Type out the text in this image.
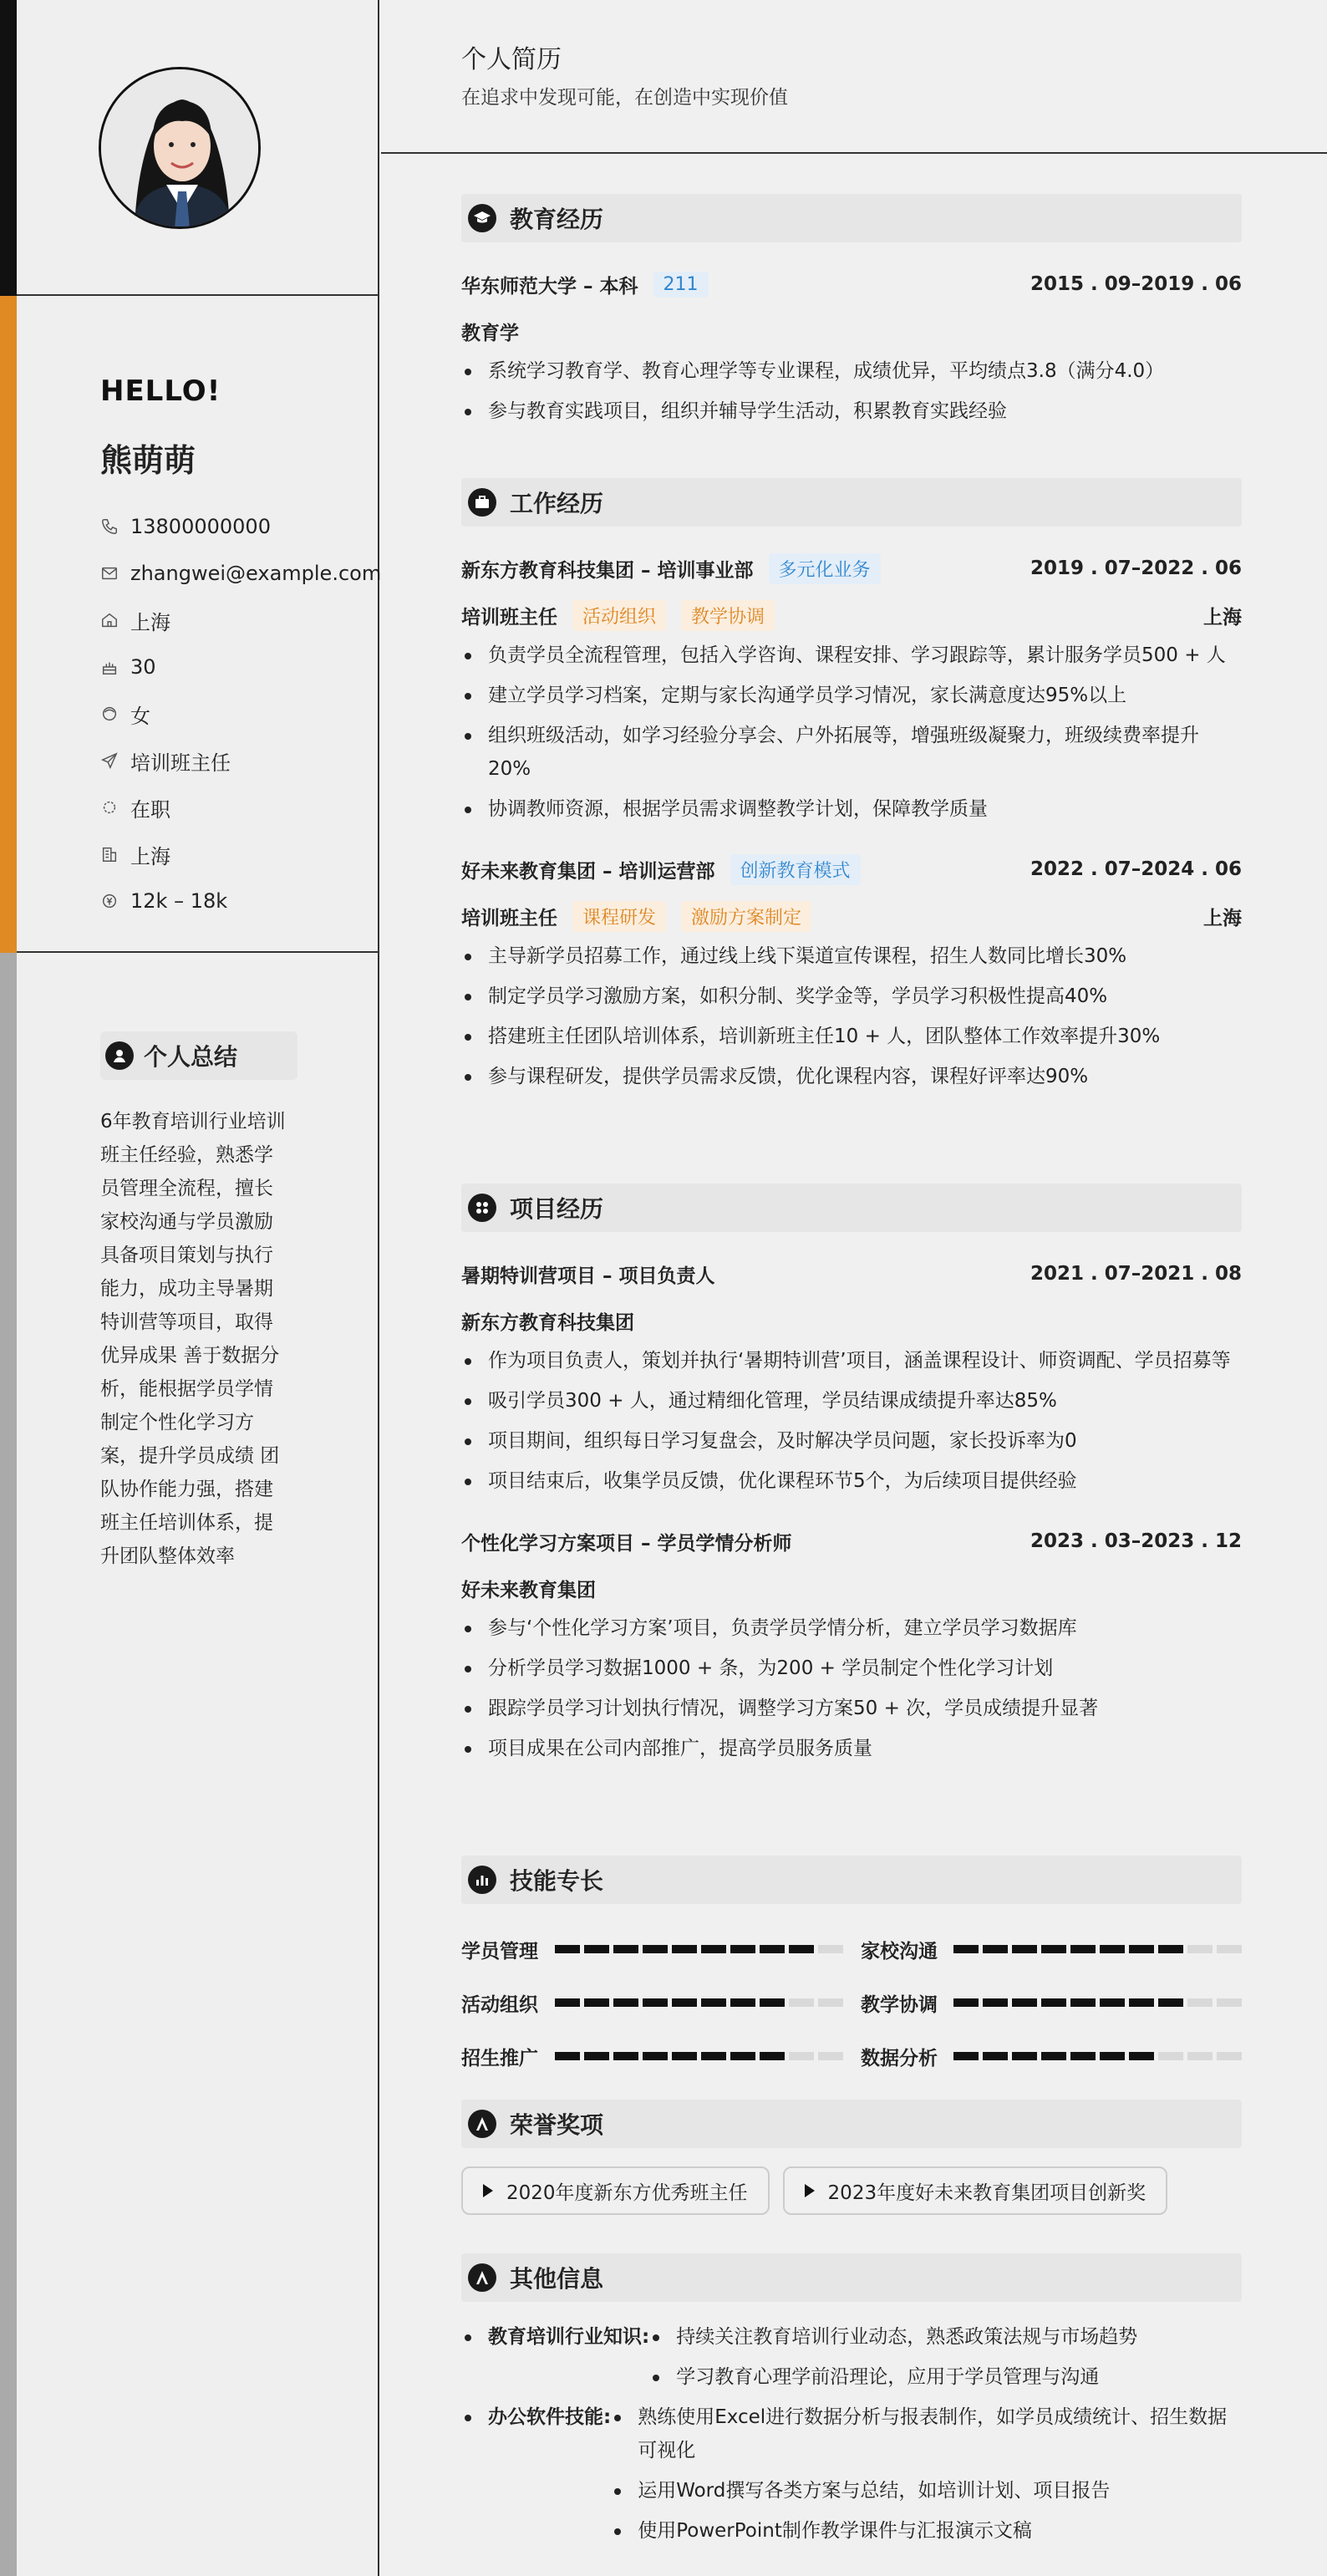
HELLO!
熊萌萌
13800000000
zhangwei@example.com
上海
30
女
培训班主任
在职
上海
12k – 18k
个人总结
6年教育培训行业培训
班主任经验，熟悉学
员管理全流程，擅长
家校沟通与学员激励
具备项目策划与执行
能力，成功主导暑期
特训营等项目，取得
优异成果 善于数据分
析，能根据学员学情
制定个性化学习方
案，提升学员成绩 团
队协作能力强，搭建
班主任培训体系，提
升团队整体效率
个人简历
在追求中发现可能，在创造中实现价值
教育经历
华东师范大学 – 本科	211	2015 . 09–2019 . 06
教育学
系统学习教育学、教育心理学等专业课程，成绩优异，平均绩点3.8（满分4.0）
参与教育实践项目，组织并辅导学生活动，积累教育实践经验
工作经历
新东方教育科技集团 – 培训事业部	多元化业务	2019 . 07–2022 . 06
培训班主任	活动组织	教学协调	上海
负责学员全流程管理，包括入学咨询、课程安排、学习跟踪等，累计服务学员500 + 人
建立学员学习档案，定期与家长沟通学员学习情况，家长满意度达95%以上
组织班级活动，如学习经验分享会、户外拓展等，增强班级凝聚力，班级续费率提升20%
协调教师资源，根据学员需求调整教学计划，保障教学质量
好未来教育集团 – 培训运营部	创新教育模式	2022 . 07–2024 . 06
培训班主任	课程研发	激励方案制定	上海
主导新学员招募工作，通过线上线下渠道宣传课程，招生人数同比增长30%
制定学员学习激励方案，如积分制、奖学金等，学员学习积极性提高40%
搭建班主任团队培训体系，培训新班主任10 + 人，团队整体工作效率提升30%
参与课程研发，提供学员需求反馈，优化课程内容，课程好评率达90%
项目经历
暑期特训营项目 – 项目负责人	2021 . 07–2021 . 08
新东方教育科技集团
作为项目负责人，策划并执行‘暑期特训营’项目，涵盖课程设计、师资调配、学员招募等
吸引学员300 + 人，通过精细化管理，学员结课成绩提升率达85%
项目期间，组织每日学习复盘会，及时解决学员问题，家长投诉率为0
项目结束后，收集学员反馈，优化课程环节5个，为后续项目提供经验
个性化学习方案项目 – 学员学情分析师	2023 . 03–2023 . 12
好未来教育集团
参与‘个性化学习方案’项目，负责学员学情分析，建立学员学习数据库
分析学员学习数据1000 + 条，为200 + 学员制定个性化学习计划
跟踪学员学习计划执行情况，调整学习方案50 + 次，学员成绩提升显著
项目成果在公司内部推广，提高学员服务质量
技能专长
学员管理	家校沟通
活动组织	教学协调
招生推广	数据分析
荣誉奖项
2020年度新东方优秀班主任	2023年度好未来教育集团项目创新奖
其他信息
教育培训行业知识:	持续关注教育培训行业动态，熟悉政策法规与市场趋势
学习教育心理学前沿理论，应用于学员管理与沟通
办公软件技能:	熟练使用Excel进行数据分析与报表制作，如学员成绩统计、招生数据可视化
运用Word撰写各类方案与总结，如培训计划、项目报告
使用PowerPoint制作教学课件与汇报演示文稿
